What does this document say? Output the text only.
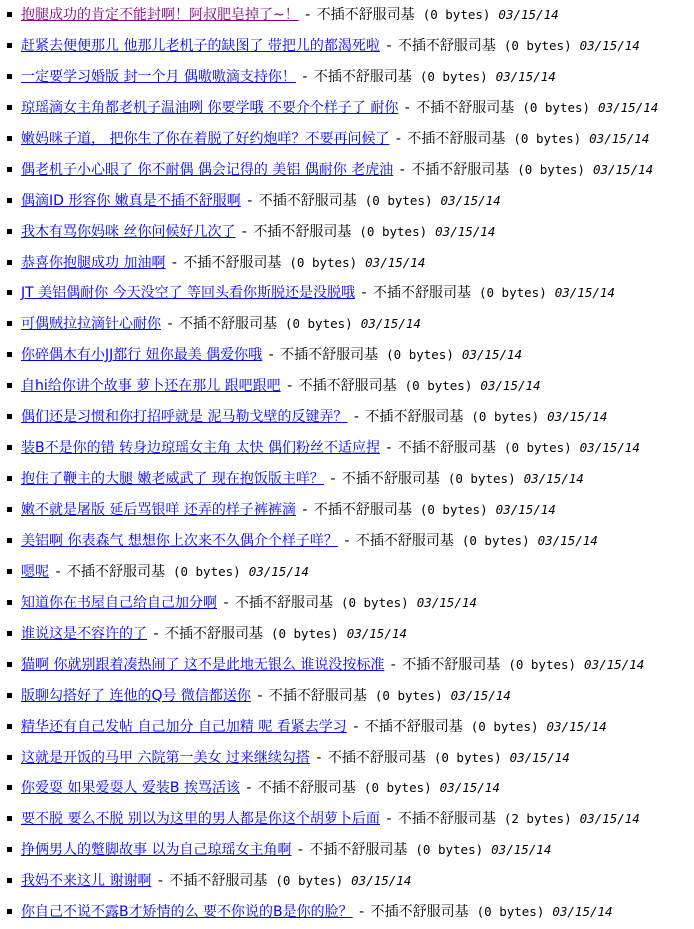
抱腿成功的肯定不能封啊！阿叔肥皂掉了~！ - 不插不舒服司基 (0 bytes) 03/15/14
赶紧去便便那儿 他那儿老机子的缺图了 带把儿的都渴死啦 - 不插不舒服司基 (0 bytes) 03/15/14
一定要学习婚版 封一个月 偶嗷嗷滴支持你！ - 不插不舒服司基 (0 bytes) 03/15/14
琼瑶滴女主角都老机子温油咧 你要学哦 不要介个样子了 耐你 - 不插不舒服司基 (0 bytes) 03/15/14
嫩妈咪子道， 把你生了你在着脱了好约炮咩？不要再问候了 - 不插不舒服司基 (0 bytes) 03/15/14
偶老机子小心眼了 你不耐偶 偶会记得的 美铝 偶耐你 老虎油 - 不插不舒服司基 (0 bytes) 03/15/14
偶滴ID 形容你 嫩真是不插不舒服啊 - 不插不舒服司基 (0 bytes) 03/15/14
我木有骂你妈咪 丝你问候好几次了 - 不插不舒服司基 (0 bytes) 03/15/14
恭喜你抱腿成功 加油啊 - 不插不舒服司基 (0 bytes) 03/15/14
JT 美铝偶耐你 今天没空了 等回头看你斯脱还是没脱哦 - 不插不舒服司基 (0 bytes) 03/15/14
可偶贼拉拉滴针心耐你 - 不插不舒服司基 (0 bytes) 03/15/14
你碎偶木有小JJ都行 妞你最美 偶爱你哦 - 不插不舒服司基 (0 bytes) 03/15/14
自hi给你讲个故事 萝卜还在那儿 跟吧跟吧 - 不插不舒服司基 (0 bytes) 03/15/14
偶们还是习惯和你打招呼就是 泥马勒戈壁的反键弄？ - 不插不舒服司基 (0 bytes) 03/15/14
装B不是你的错 转身边琼瑶女主角 太快 偶们粉丝不适应捏 - 不插不舒服司基 (0 bytes) 03/15/14
抱住了鞭主的大腿 嫩老威武了 现在抱饭版主咩？ - 不插不舒服司基 (0 bytes) 03/15/14
嫩不就是屠版 延后骂银咩 还弄的样子裤裤滴 - 不插不舒服司基 (0 bytes) 03/15/14
美铝啊 你表森气 想想你上次来不久偶介个样子咩？ - 不插不舒服司基 (0 bytes) 03/15/14
嗯呢 - 不插不舒服司基 (0 bytes) 03/15/14
知道你在书屋自己给自己加分啊 - 不插不舒服司基 (0 bytes) 03/15/14
谁说这是不容许的了 - 不插不舒服司基 (0 bytes) 03/15/14
猫啊 你就别跟着凑热闹了 这不是此地无银么 谁说没按标准 - 不插不舒服司基 (0 bytes) 03/15/14
版聊勾搭好了 连他的Q号 微信都送你 - 不插不舒服司基 (0 bytes) 03/15/14
精华还有自己发帖 自己加分 自己加精 呢 看紧去学习 - 不插不舒服司基 (0 bytes) 03/15/14
这就是开饭的马甲 六院第一美女 过来继续勾搭 - 不插不舒服司基 (0 bytes) 03/15/14
你爱耍 如果爱耍人 爱装B 挨骂活该 - 不插不舒服司基 (0 bytes) 03/15/14
要不脱 要么不脱 别以为这里的男人都是你这个胡萝卜后面 - 不插不舒服司基 (2 bytes) 03/15/14
挣俩男人的蹩脚故事 以为自己琼瑶女主角啊 - 不插不舒服司基 (0 bytes) 03/15/14
我妈不来这儿 谢谢啊 - 不插不舒服司基 (0 bytes) 03/15/14
你自己不说不露B才矫情的么 要不你说的B是你的脸？ - 不插不舒服司基 (0 bytes) 03/15/14
